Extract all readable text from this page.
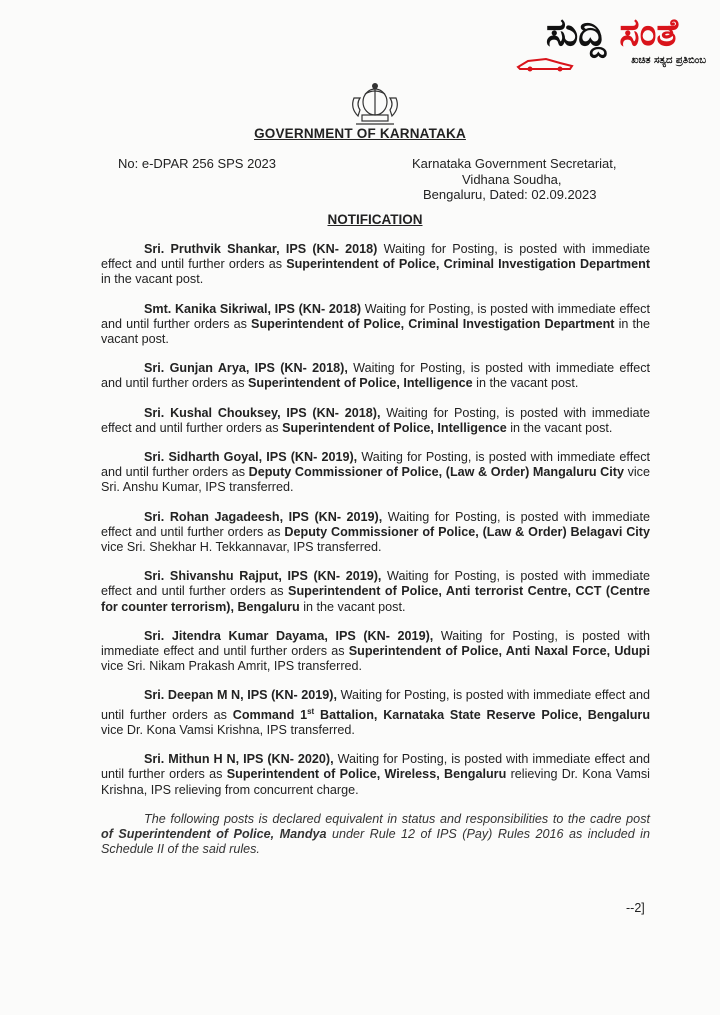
ಸುದ್ದಿ ಸಂತೆ
ಖಚಿತ ಸತ್ಯದ ಪ್ರತಿಬಿಂಬ
GOVERNMENT OF KARNATAKA
No: e-DPAR 256 SPS 2023	Karnataka Government Secretariat,
Vidhana Soudha,
Bengaluru, Dated: 02.09.2023
NOTIFICATION

Sri. Pruthvik Shankar, IPS (KN- 2018) Waiting for Posting, is posted with immediate effect and until further orders as Superintendent of Police, Criminal Investigation Department in the vacant post.

Smt. Kanika Sikriwal, IPS (KN- 2018) Waiting for Posting, is posted with immediate effect and until further orders as Superintendent of Police, Criminal Investigation Department in the vacant post.

Sri. Gunjan Arya, IPS (KN- 2018), Waiting for Posting, is posted with immediate effect and until further orders as Superintendent of Police, Intelligence in the vacant post.

Sri. Kushal Chouksey, IPS (KN- 2018), Waiting for Posting, is posted with immediate effect and until further orders as Superintendent of Police, Intelligence in the vacant post.

Sri. Sidharth Goyal, IPS (KN- 2019), Waiting for Posting, is posted with immediate effect and until further orders as Deputy Commissioner of Police, (Law & Order) Mangaluru City vice Sri. Anshu Kumar, IPS transferred.

Sri. Rohan Jagadeesh, IPS (KN- 2019), Waiting for Posting, is posted with immediate effect and until further orders as Deputy Commissioner of Police, (Law & Order) Belagavi City vice Sri. Shekhar H. Tekkannavar, IPS transferred.

Sri. Shivanshu Rajput, IPS (KN- 2019), Waiting for Posting, is posted with immediate effect and until further orders as Superintendent of Police, Anti terrorist Centre, CCT (Centre for counter terrorism), Bengaluru in the vacant post.

Sri. Jitendra Kumar Dayama, IPS (KN- 2019), Waiting for Posting, is posted with immediate effect and until further orders as Superintendent of Police, Anti Naxal Force, Udupi vice Sri. Nikam Prakash Amrit, IPS transferred.

Sri. Deepan M N, IPS (KN- 2019), Waiting for Posting, is posted with immediate effect and until further orders as Command 1st Battalion, Karnataka State Reserve Police, Bengaluru vice Dr. Kona Vamsi Krishna, IPS transferred.

Sri. Mithun H N, IPS (KN- 2020), Waiting for Posting, is posted with immediate effect and until further orders as Superintendent of Police, Wireless, Bengaluru relieving Dr. Kona Vamsi Krishna, IPS relieving from concurrent charge.

The following posts is declared equivalent in status and responsibilities to the cadre post of Superintendent of Police, Mandya under Rule 12 of IPS (Pay) Rules 2016 as included in Schedule II of the said rules.

--2]
